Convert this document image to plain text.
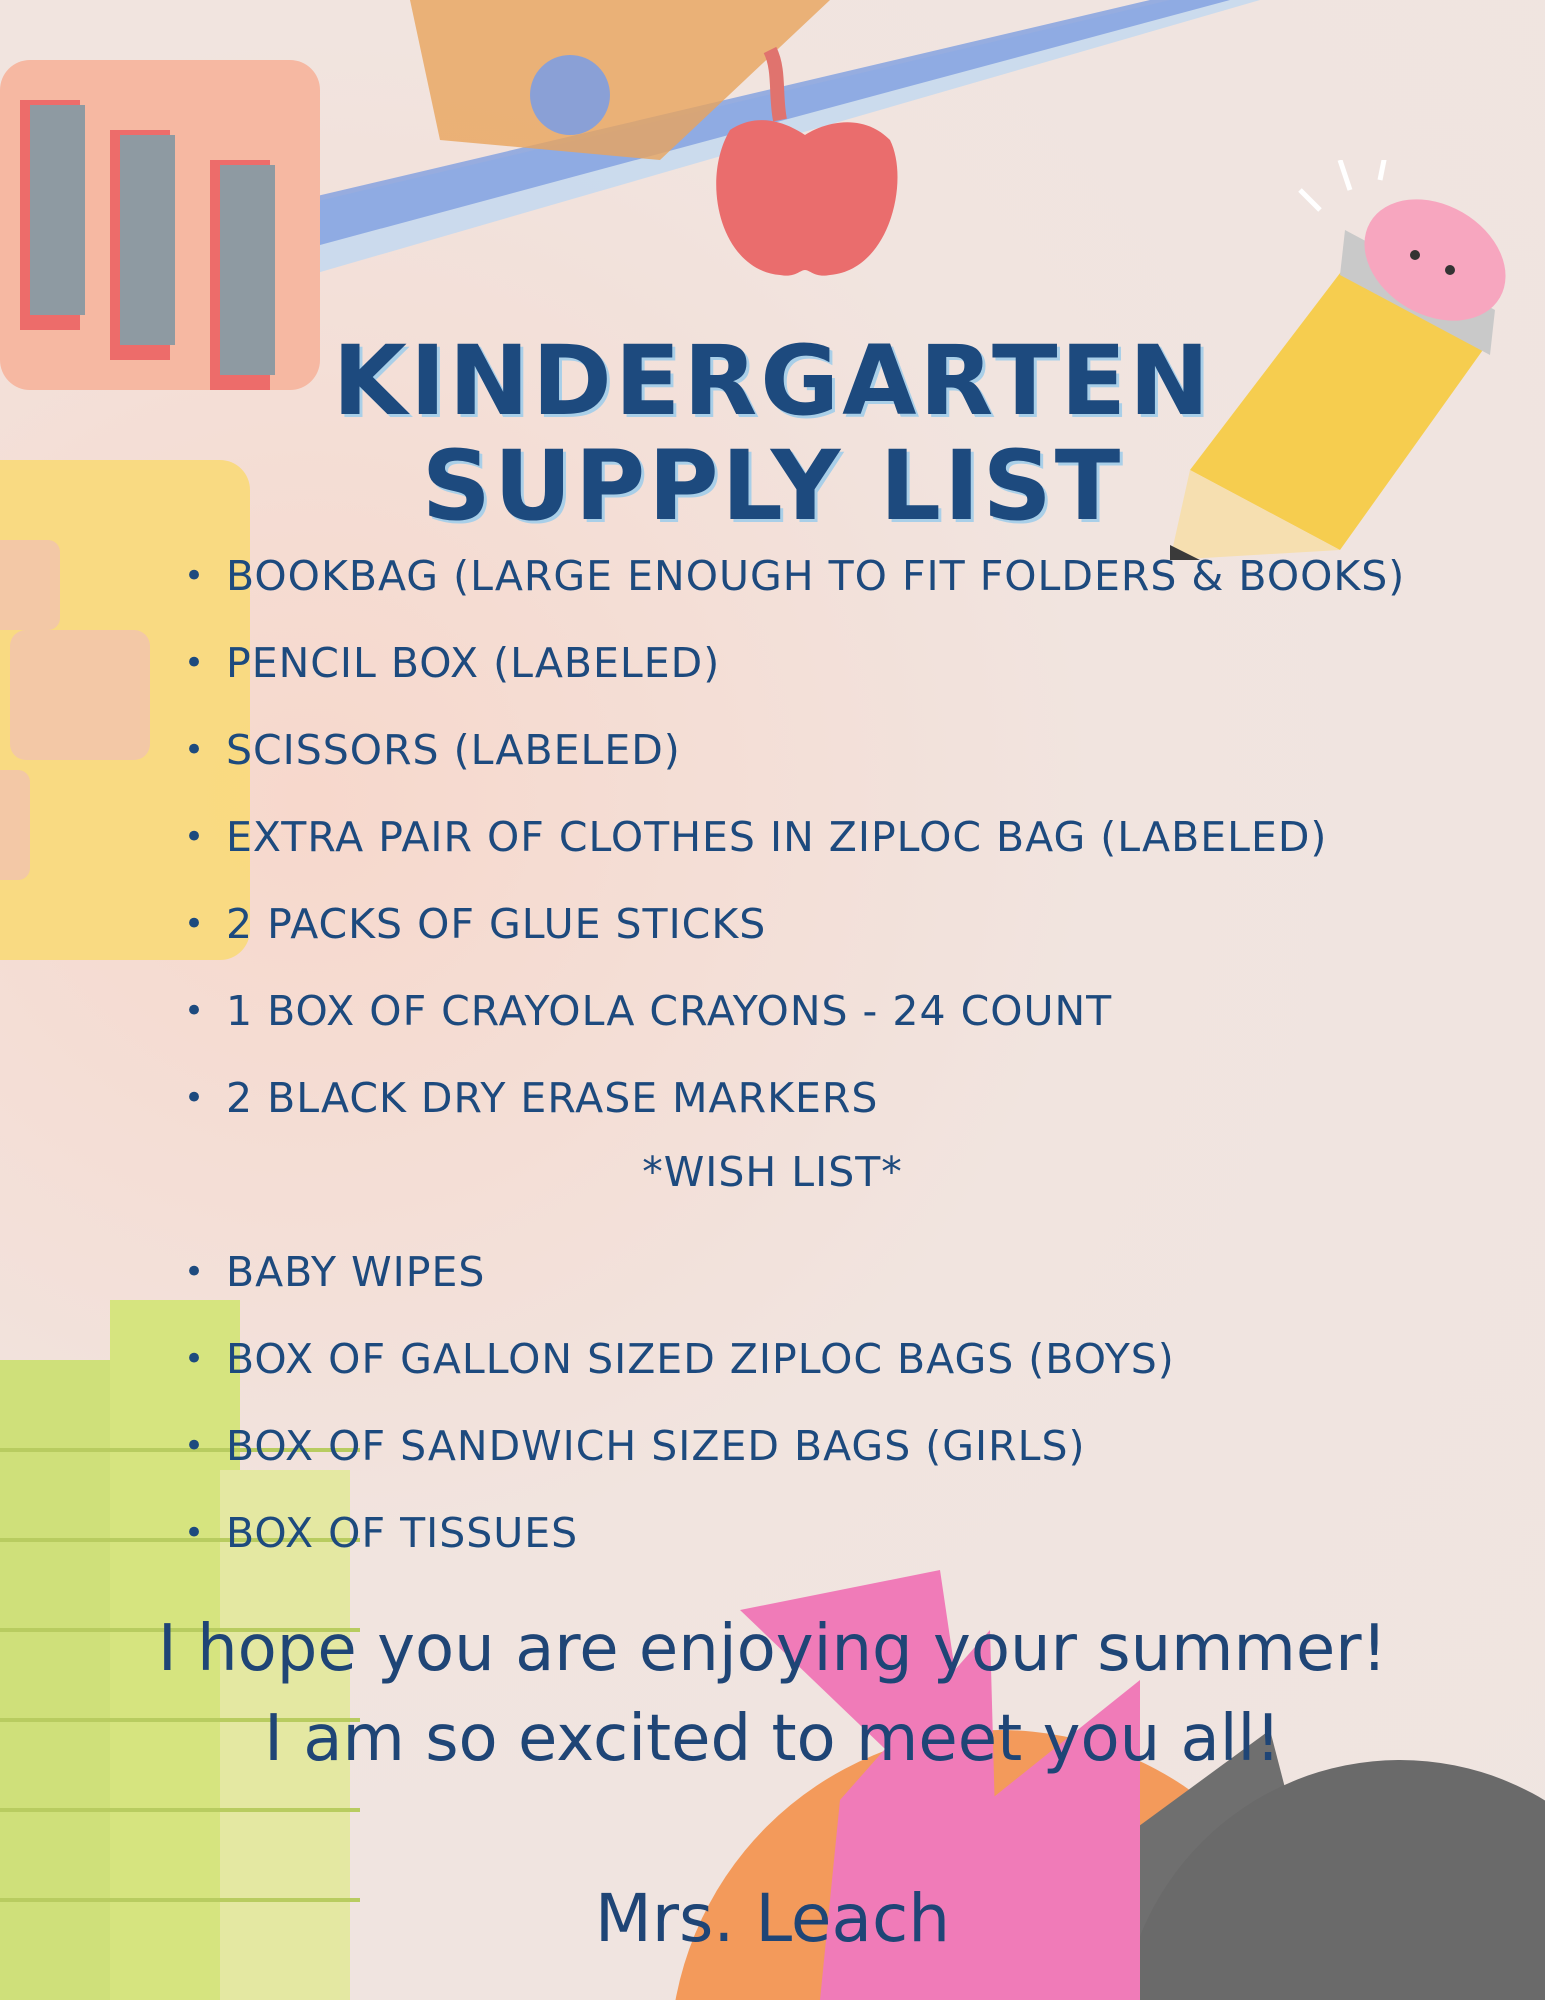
KINDERGARTEN
SUPPLY LIST
• BOOKBAG (LARGE ENOUGH TO FIT FOLDERS & BOOKS)
• PENCIL BOX (LABELED)
• SCISSORS (LABELED)
• EXTRA PAIR OF CLOTHES IN ZIPLOC BAG (LABELED)
• 2 PACKS OF GLUE STICKS
• 1 BOX OF CRAYOLA CRAYONS - 24 COUNT
• 2 BLACK DRY ERASE MARKERS
*WISH LIST*
• BABY WIPES
• BOX OF GALLON SIZED ZIPLOC BAGS (BOYS)
• BOX OF SANDWICH SIZED BAGS (GIRLS)
• BOX OF TISSUES
I hope you are enjoying your summer!
I am so excited to meet you all!
Mrs. Leach
